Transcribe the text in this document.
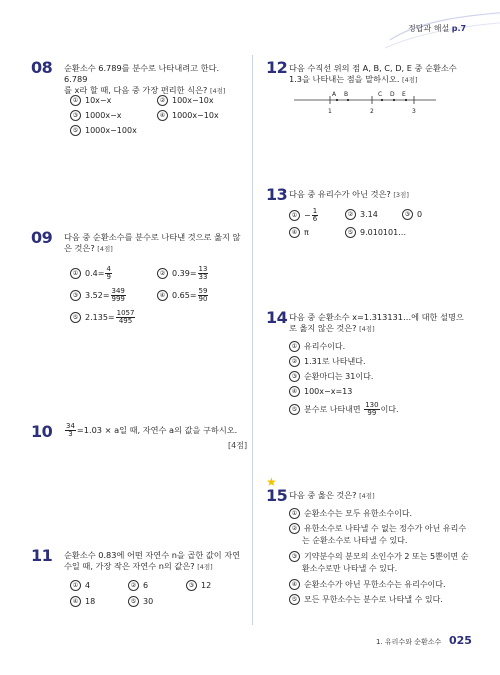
정답과 해설 p.7
08 순환소수 6.789를 분수로 나타내려고 한다. 6.789
를 x라 할 때, 다음 중 가장 편리한 식은? [4점]
① 10x−x	② 100x−10x
③ 1000x−x	④ 1000x−10x
⑤ 1000x−100x
09 다음 중 순환소수를 분수로 나타낸 것으로 옳지 않
은 것은? [4점]
① $0.4= \frac{4}{9}$	② $0.39= \frac{13}{33}$
③ $3.52= \frac{349}{999}$	④ $0.65= \frac{59}{90}$
⑤ $2.135= \frac{1057}{495}$
$10 \frac{34}{3} =1.03 \times a$일 때, 자연수 a의 값을 구하시오.
[4점]
11 순환소수 0.83에 어떤 자연수 n을 곱한 값이 자연
수일 때, 가장 작은 자연수 n의 값은? [4점]
① 4	② 6	③ 12
④ 18	⑤ 30
12 다음 수직선 위의 점 A, B, C, D, E 중 순환소수
1.3을 나타내는 점을 말하시오. [4점]
1	2	3
A B	C D E
13 다음 중 유리수가 아닌 것은? [3점]
① − $\frac{1}{6}$	② 3.14	③ 0
④ π	⑤ 9.010101…
14 다음 중 순환소수 x=1.313131…에 대한 설명으
로 옳지 않은 것은? [4점]
① 유리수이다.
② 1.31로 나타낸다.
③ 순환마디는 31이다.
④ 100x−x=13
⑤ 분수로 나타내면 $\frac{130}{99}$ 이다.
★
15 다음 중 옳은 것은? [4점]
① 순환소수는 모두 유한소수이다.
② 유한소수로 나타낼 수 없는 정수가 아닌 유리수
는 순환소수로 나타낼 수 있다.
③ 기약분수의 분모의 소인수가 2 또는 5뿐이면 순
환소수로만 나타낼 수 있다.
④ 순환소수가 아닌 무한소수는 유리수이다.
⑤ 모든 무한소수는 분수로 나타낼 수 있다.
1. 유리수와 순환소수 025
